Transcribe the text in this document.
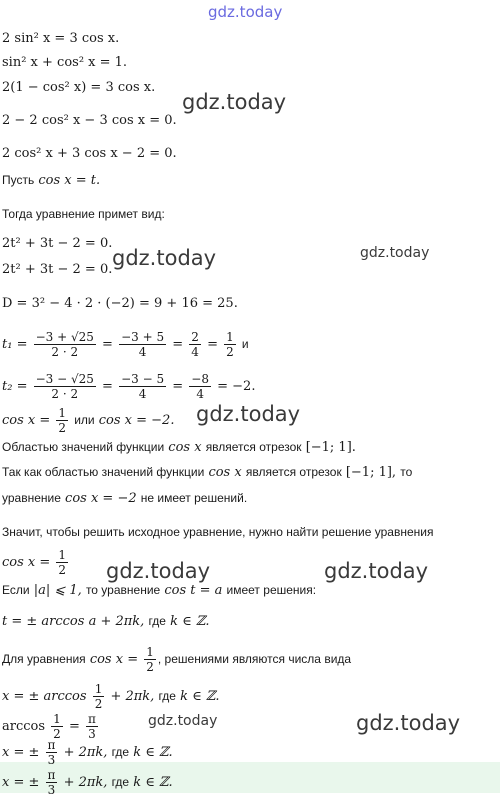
gdz.today
2 sin² x = 3 cos x.
sin² x + cos² x = 1.
2(1 − cos² x) = 3 cos x.
gdz.today
2 − 2 cos² x − 3 cos x = 0.
2 cos² x + 3 cos x − 2 = 0.
Пусть cos x = t.
Тогда уравнение примет вид:
2t² + 3t − 2 = 0.
gdz.today	gdz.today
2t² + 3t − 2 = 0.
D = 3² − 4 · 2 · (−2) = 9 + 16 = 25.
$t_1 = \frac{-3 + √25}{2 \cdot 2} = \frac{-3 + 5}{4} = \frac{2}{4} = \frac{1}{2}$ и
$t_2 = \frac{-3 - √25}{2 \cdot 2} = \frac{-3 - 5}{4} = \frac{-8}{4} = -2$.
$\cos x = \frac{1}{2}$ или cos x = −2. gdz.today
Областью значений функции cos x является отрезок [−1; 1].
Так как областью значений функции cos x является отрезок [−1; 1], то
уравнение cos x = −2 не имеет решений.
Значит, чтобы решить исходное уравнение, нужно найти решение уравнения
$\cos x = \frac{1}{2}$ gdz.today	gdz.today
Если |a| ⩽ 1, то уравнение cos t = a имеет решения:
t = ± arccos a + 2πk, где k ∈ ℤ.
Для уравнения $\cos x = \frac{1}{2}$ , решениями являются числа вида
x = ± $\arccos \frac{1}{2} + 2\pi k$, где k ∈ ℤ.
$\arccos \frac{1}{2} = \frac{\pi}{3}$	gdz.today	gdz.today
x = ± $\frac{\pi}{3} + 2\pi k$, где k ∈ ℤ.
x = ± $\frac{\pi}{3} + 2\pi k$, где k ∈ ℤ.
